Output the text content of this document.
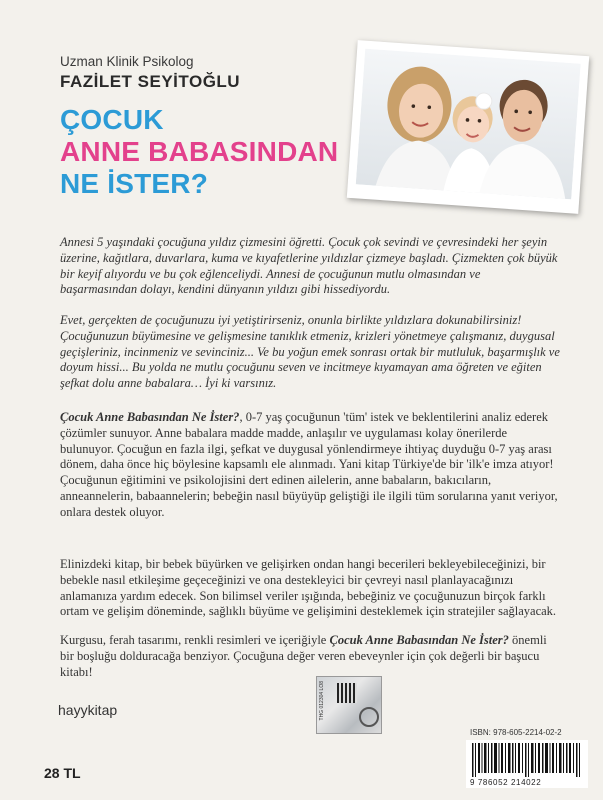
Uzman Klinik Psikolog
FAZİLET SEYİTOĞLU
ÇOCUK
ANNE BABASINDAN
NE İSTER?
Annesi 5 yaşındaki çocuğuna yıldız çizmesini öğretti. Çocuk çok sevindi ve çevresindeki her şeyin üzerine, kağıtlara, duvarlara, kuma ve kıyafetlerine yıldızlar çizmeye başladı. Çizmekten çok büyük bir keyif alıyordu ve bu çok eğlenceliydi. Annesi de çocuğunun mutlu olmasından ve başarmasından dolayı, kendini dünyanın yıldızı gibi hissediyordu.
Evet, gerçekten de çocuğunuzu iyi yetiştirirseniz, onunla birlikte yıldızlara dokunabilirsiniz! Çocuğunuzun büyümesine ve gelişmesine tanıklık etmeniz, krizleri yönetmeye çalışmanız, duygusal geçişleriniz, incinmeniz ve sevinciniz... Ve bu yoğun emek sonrası ortak bir mutluluk, başarmışlık ve doyum hissi... Bu yolda ne mutlu çocuğunu seven ve incitmeye kıyamayan ama öğreten ve eğiten şefkat dolu anne babalara… İyi ki varsınız.
Çocuk Anne Babasından Ne İster?, 0-7 yaş çocuğunun 'tüm' istek ve beklentilerini analiz ederek çözümler sunuyor. Anne babalara madde madde, anlaşılır ve uygulaması kolay önerilerde bulunuyor. Çocuğun en fazla ilgi, şefkat ve duygusal yönlendirmeye ihtiyaç duyduğu 0-7 yaş arası dönem, daha önce hiç böylesine kapsamlı ele alınmadı. Yani kitap Türkiye'de bir 'ilk'e imza atıyor! Çocuğunun eğitimini ve psikolojisini dert edinen ailelerin, anne babaların, bakıcıların, anneannelerin, babaannelerin; bebeğin nasıl büyüyüp geliştiği ile ilgili tüm sorularına yanıt veriyor, onlara destek oluyor.
Elinizdeki kitap, bir bebek büyürken ve gelişirken ondan hangi becerileri bekleyebileceğinizi, bir bebekle nasıl etkileşime geçeceğinizi ve ona destekleyici bir çevreyi nasıl planlayacağınızı anlamanıza yardım edecek. Son bilimsel veriler ışığında, bebeğiniz ve çocuğunuzun birçok farklı ortam ve gelişim döneminde, sağlıklı büyüme ve gelişimini desteklemek için stratejiler sağlayacak.
Kurgusu, ferah tasarımı, renkli resimleri ve içeriğiyle Çocuk Anne Babasından Ne İster? önemli bir boşluğu dolduracağa benziyor. Çocuğuna değer veren ebeveynler için çok değerli bir başucu kitabı!
hayykitap
28 TL
THG 012304 LO8
ISBN: 978-605-2214-02-2
9 786052 214022
